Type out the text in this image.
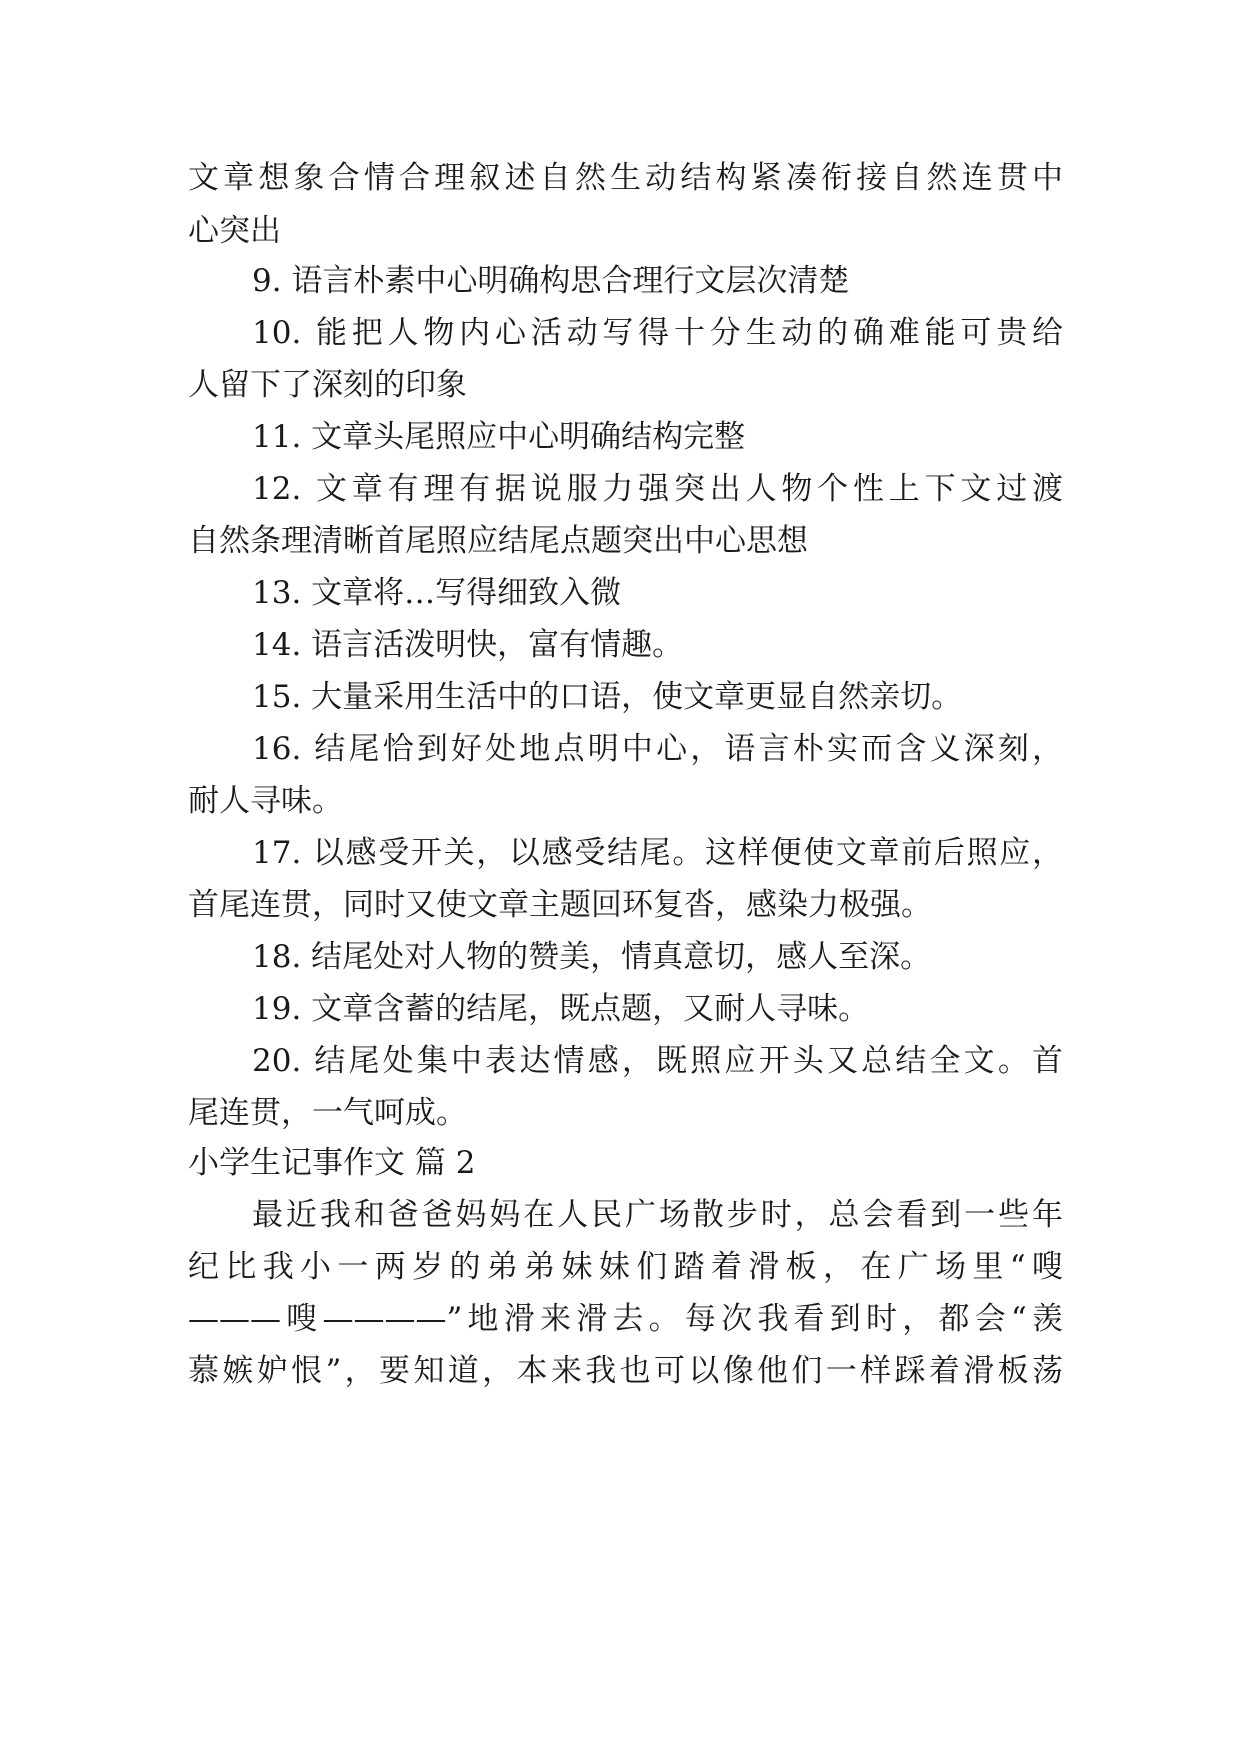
文章想象合情合理叙述自然生动结构紧凑衔接自然连贯中
心突出
9. 语言朴素中心明确构思合理行文层次清楚
10. 能把人物内心活动写得十分生动的确难能可贵给
人留下了深刻的印象
11. 文章头尾照应中心明确结构完整
12. 文章有理有据说服力强突出人物个性上下文过渡
自然条理清晰首尾照应结尾点题突出中心思想
13. 文章将…写得细致入微
14. 语言活泼明快，富有情趣。
15. 大量采用生活中的口语，使文章更显自然亲切。
16. 结尾恰到好处地点明中心，语言朴实而含义深刻，
耐人寻味。
17. 以感受开关，以感受结尾。这样便使文章前后照应，
首尾连贯，同时又使文章主题回环复沓，感染力极强。
18. 结尾处对人物的赞美，情真意切，感人至深。
19. 文章含蓄的结尾，既点题，又耐人寻味。
20. 结尾处集中表达情感，既照应开头又总结全文。首
尾连贯，一气呵成。
小学生记事作文 篇 2
最近我和爸爸妈妈在人民广场散步时，总会看到一些年
纪比我小一两岁的弟弟妹妹们踏着滑板，在广场里“嗖
———嗖————”地滑来滑去。每次我看到时，都会“羡
慕嫉妒恨”，要知道，本来我也可以像他们一样踩着滑板荡
